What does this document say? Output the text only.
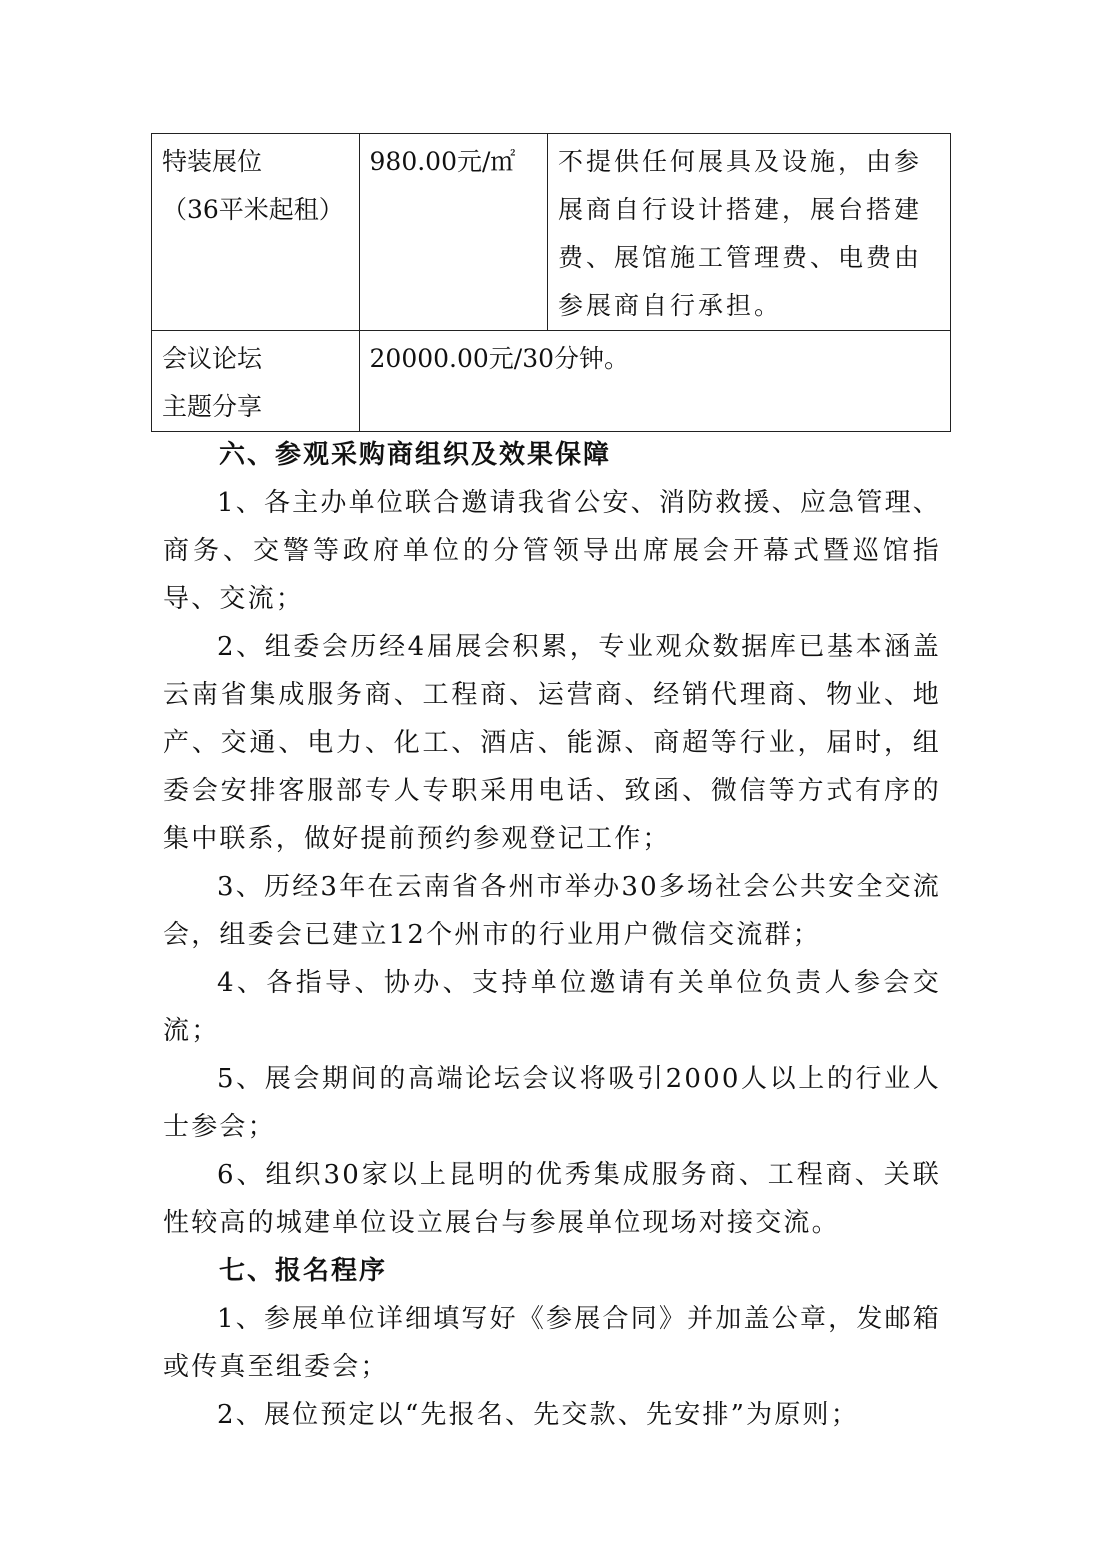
特装展位
（36平米起租）	980.00元/㎡	不提供任何展具及设施，由参展商自行设计搭建，展台搭建费、展馆施工管理费、电费由参展商自行承担。

会议论坛
主题分享	20000.00元/30分钟。	
六、参观采购商组织及效果保障

1、各主办单位联合邀请我省公安、消防救援、应急管理、商务、交警等政府单位的分管领导出席展会开幕式暨巡馆指导、交流；

2、组委会历经4届展会积累，专业观众数据库已基本涵盖云南省集成服务商、工程商、运营商、经销代理商、物业、地产、交通、电力、化工、酒店、能源、商超等行业，届时，组委会安排客服部专人专职采用电话、致函、微信等方式有序的集中联系，做好提前预约参观登记工作；

3、历经3年在云南省各州市举办30多场社会公共安全交流会，组委会已建立12个州市的行业用户微信交流群；

4、各指导、协办、支持单位邀请有关单位负责人参会交流；

5、展会期间的高端论坛会议将吸引2000人以上的行业人士参会；

6、组织30家以上昆明的优秀集成服务商、工程商、关联性较高的城建单位设立展台与参展单位现场对接交流。

七、报名程序

1、参展单位详细填写好《参展合同》并加盖公章，发邮箱或传真至组委会；

2、展位预定以“先报名、先交款、先安排”为原则；
